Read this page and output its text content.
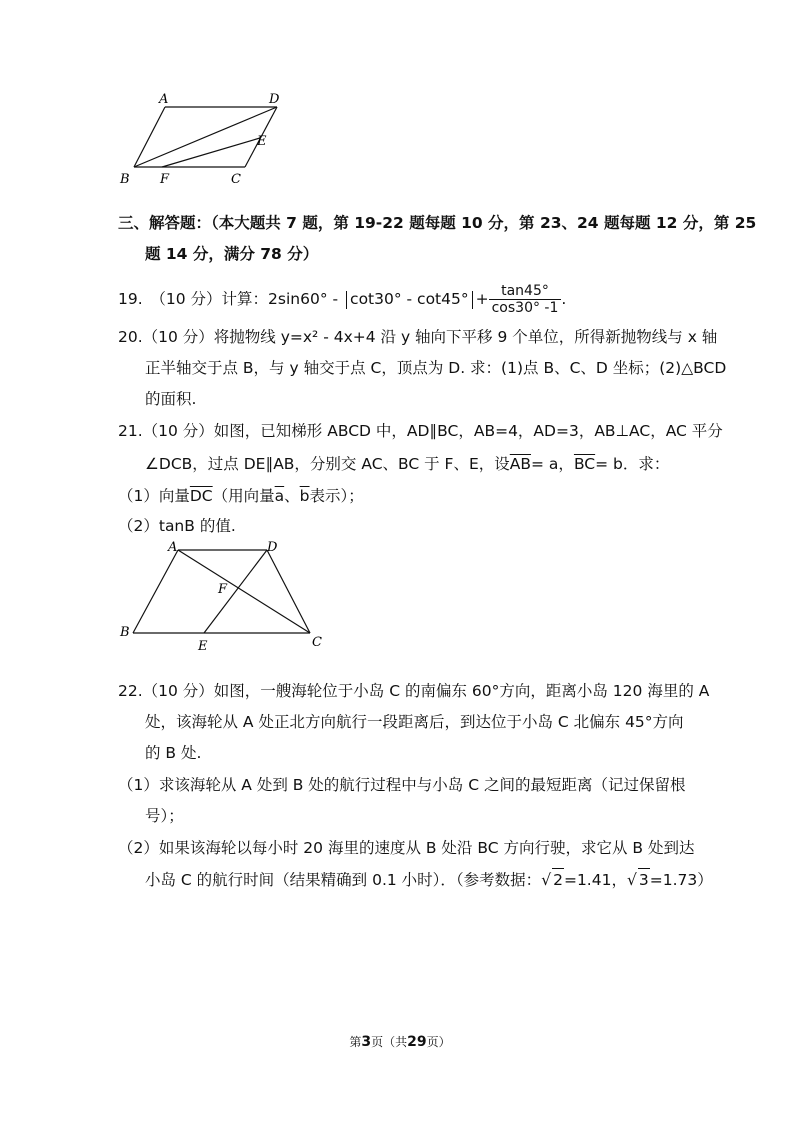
A	D
E
B F	C
三、解答题：（本大题共 7 题，第 19-22 题每题 10 分，第 23、24 题每题 12 分，第 25
题 14 分，满分 78 分）
19.　（10 分）计算：$2\sin 60^\circ - \cot 30^\circ - \cot 45^\circ + \frac{\tan 45^\circ}{\cos 30^\circ -1}$ .
20.（10 分）将抛物线 y=x² - 4x+4 沿 y 轴向下平移 9 个单位，所得新抛物线与 x 轴
正半轴交于点 B，与 y 轴交于点 C，顶点为 D. 求：(1)点 B、C、D 坐标；(2)△BCD
的面积.
21.（10 分）如图，已知梯形 ABCD 中，AD∥BC，AB=4，AD=3，AB⊥AC，AC 平分
∠DCB，过点 DE∥AB，分别交 AC、BC 于 F、E，设$\overline{AB}= a$，$\overline{BC}= b$．求：
（1）向量$\overline{DC}$（用向量$\overline{a}$、$\overline{b}$表示）；
（2）tanB 的值.
A	D
F
B
E	C
22.（10 分）如图，一艘海轮位于小岛 C 的南偏东 60°方向，距离小岛 120 海里的 A
处，该海轮从 A 处正北方向航行一段距离后，到达位于小岛 C 北偏东 45°方向
的 B 处.
（1）求该海轮从 A 处到 B 处的航行过程中与小岛 C 之间的最短距离（记过保留根
号）；
（2）如果该海轮以每小时 20 海里的速度从 B 处沿 BC 方向行驶，求它从 B 处到达
小岛 C 的航行时间（结果精确到 0.1 小时）．（参考数据：√ 2=1.41，√ 3=1.73）
第3页（共29页）
